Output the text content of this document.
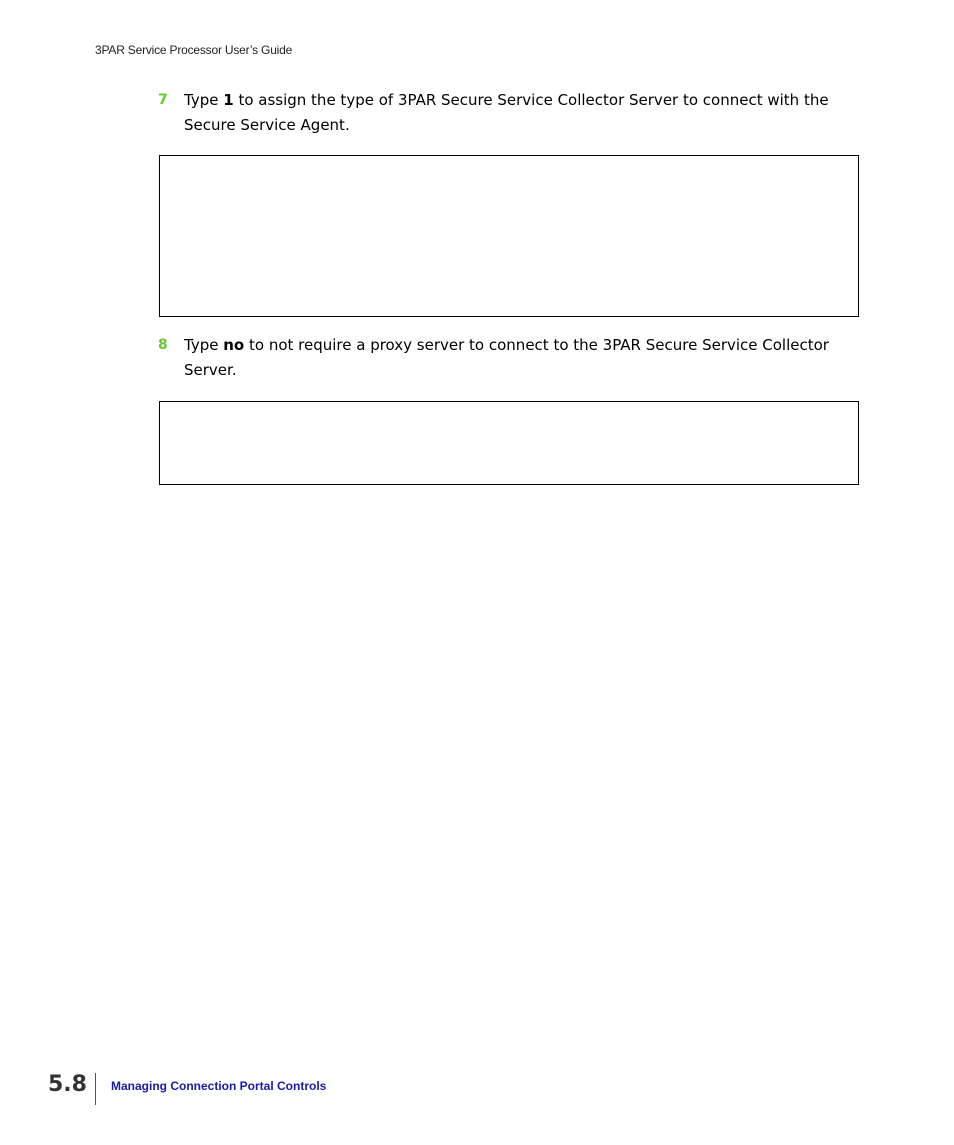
3PAR Service Processor User’s Guide
7 Type 1 to assign the type of 3PAR Secure Service Collector Server to connect with the Secure Service Agent.
8 Type no to not require a proxy server to connect to the 3PAR Secure Service Collector Server.
5.8 Managing Connection Portal Controls
